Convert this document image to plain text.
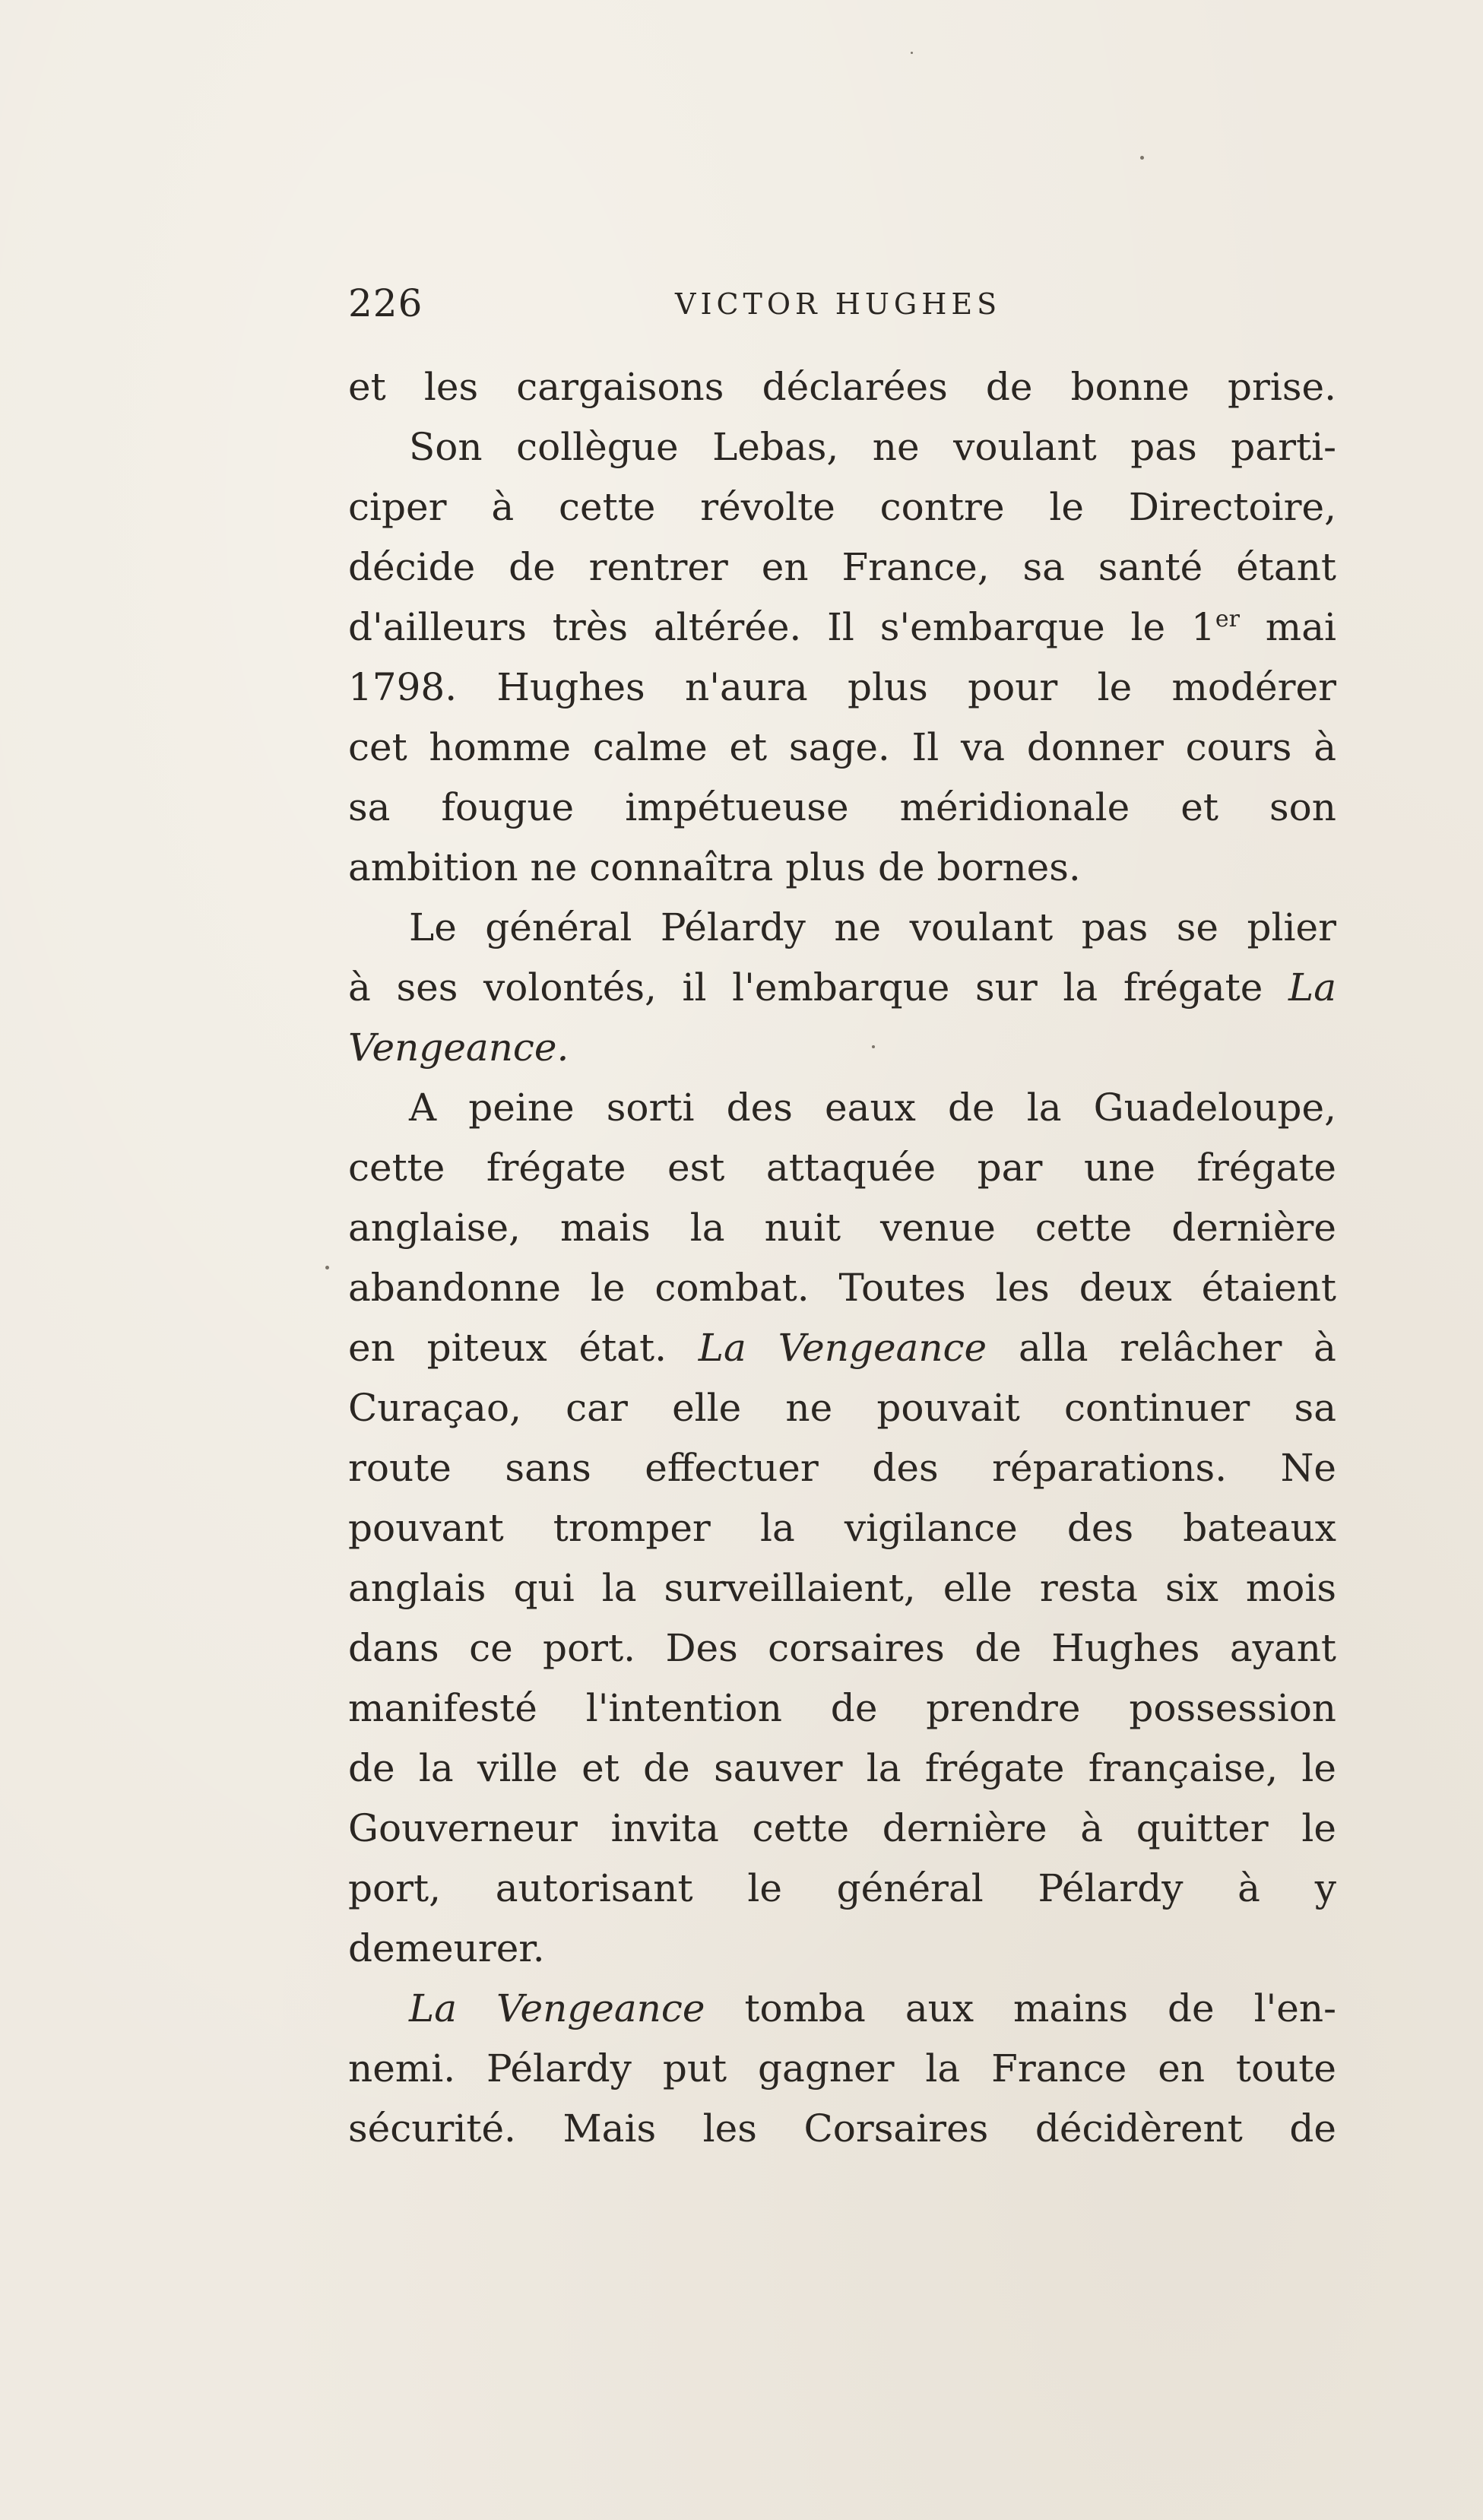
226	VICTOR HUGHES
et les cargaisons déclarées de bonne prise.
Son collègue Lebas, ne voulant pas parti-
ciper à cette révolte contre le Directoire,
décide de rentrer en France, sa santé étant
d'ailleurs très altérée. Il s'embarque le 1er mai
1798. Hughes n'aura plus pour le modérer
cet homme calme et sage. Il va donner cours à
sa fougue impétueuse méridionale et son
ambition ne connaîtra plus de bornes.
Le général Pélardy ne voulant pas se plier
à ses volontés, il l'embarque sur la frégate La
Vengeance.
A peine sorti des eaux de la Guadeloupe,
cette frégate est attaquée par une frégate
anglaise, mais la nuit venue cette dernière
abandonne le combat. Toutes les deux étaient
en piteux état. La Vengeance alla relâcher à
Curaçao, car elle ne pouvait continuer sa
route sans effectuer des réparations. Ne
pouvant tromper la vigilance des bateaux
anglais qui la surveillaient, elle resta six mois
dans ce port. Des corsaires de Hughes ayant
manifesté l'intention de prendre possession
de la ville et de sauver la frégate française, le
Gouverneur invita cette dernière à quitter le
port, autorisant le général Pélardy à y
demeurer.
La Vengeance tomba aux mains de l'en-
nemi. Pélardy put gagner la France en toute
sécurité. Mais les Corsaires décidèrent de
